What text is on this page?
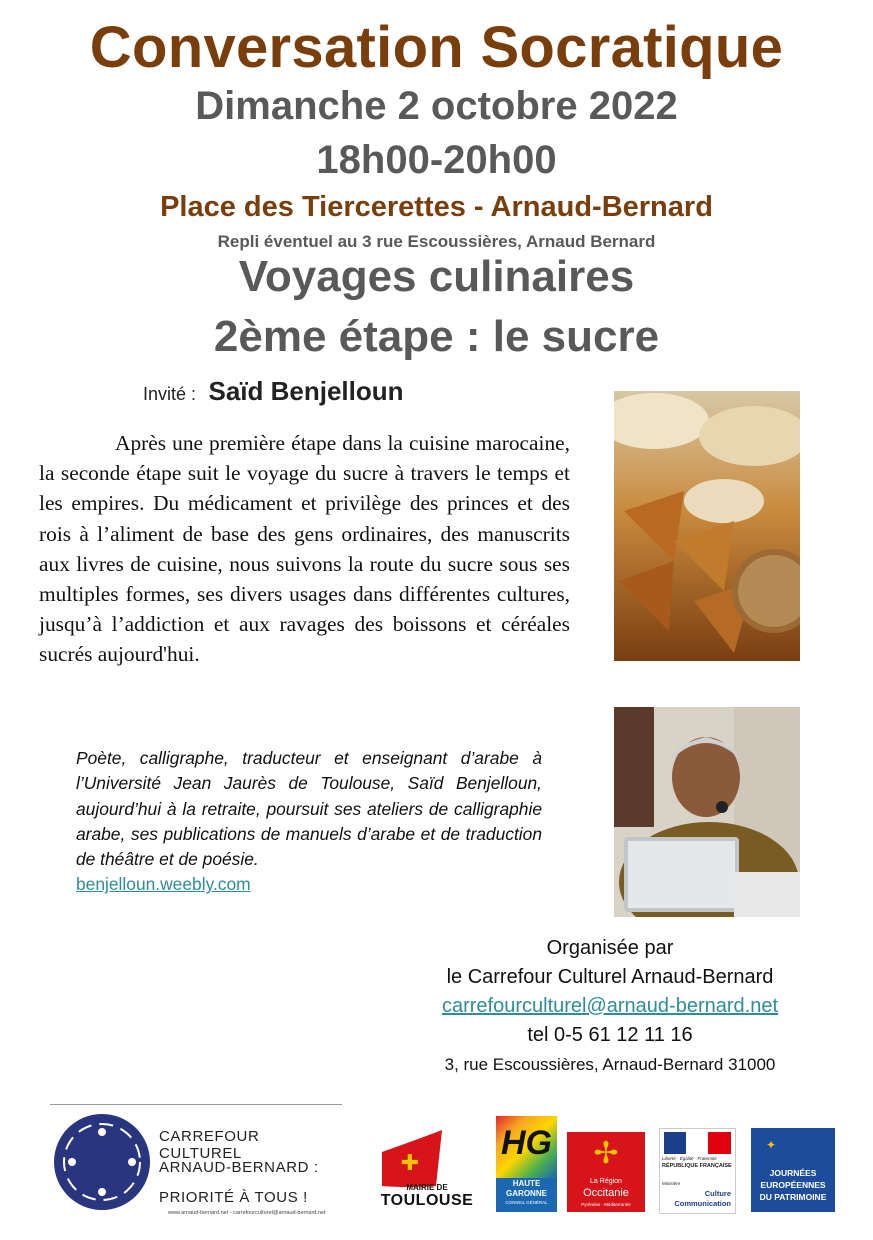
Conversation Socratique
Dimanche 2 octobre 2022
18h00-20h00
Place des Tiercerettes - Arnaud-Bernard
Repli éventuel au 3 rue Escoussières, Arnaud Bernard
Voyages culinaires
2ème étape : le sucre
Invité : Saïd Benjelloun
Après une première étape dans la cuisine marocaine, la seconde étape suit le voyage du sucre à travers le temps et les empires. Du médicament et privilège des princes et des rois à l’aliment de base des gens ordinaires, des manuscrits aux livres de cuisine, nous suivons la route du sucre sous ses multiples formes, ses divers usages dans différentes cultures, jusqu’à l’addiction et aux ravages des boissons et céréales sucrés aujourd'hui.
Poète, calligraphe, traducteur et enseignant d’arabe à l’Université Jean Jaurès de Toulouse, Saïd Benjelloun, aujourd’hui à la retraite, poursuit ses ateliers de calligraphie arabe, ses publications de manuels d’arabe et de traduction de théâtre et de poésie.
benjelloun.weebly.com
Organisée par
le Carrefour Culturel Arnaud-Bernard
carrefourculturel@arnaud-bernard.net
tel 0-5 61 12 11 16
3, rue Escoussières, Arnaud-Bernard 31000
CARREFOUR CULTUREL
ARNAUD-BERNARD :
PRIORITÉ À TOUS !
www.arnaud-bernard.net - carrefourculturel@arnaud-bernard.net
✚
MAIRIE DE
TOULOUSE
HG
HAUTE
GARONNE
CONSEIL GÉNÉRAL
✢
La Région
Occitanie
Pyrénées · Méditerranée
Liberté · Égalité · Fraternité
RÉPUBLIQUE FRANÇAISE
Ministère
Culture
Communication
✦
JOURNÉES
EUROPÉENNES
DU PATRIMOINE
